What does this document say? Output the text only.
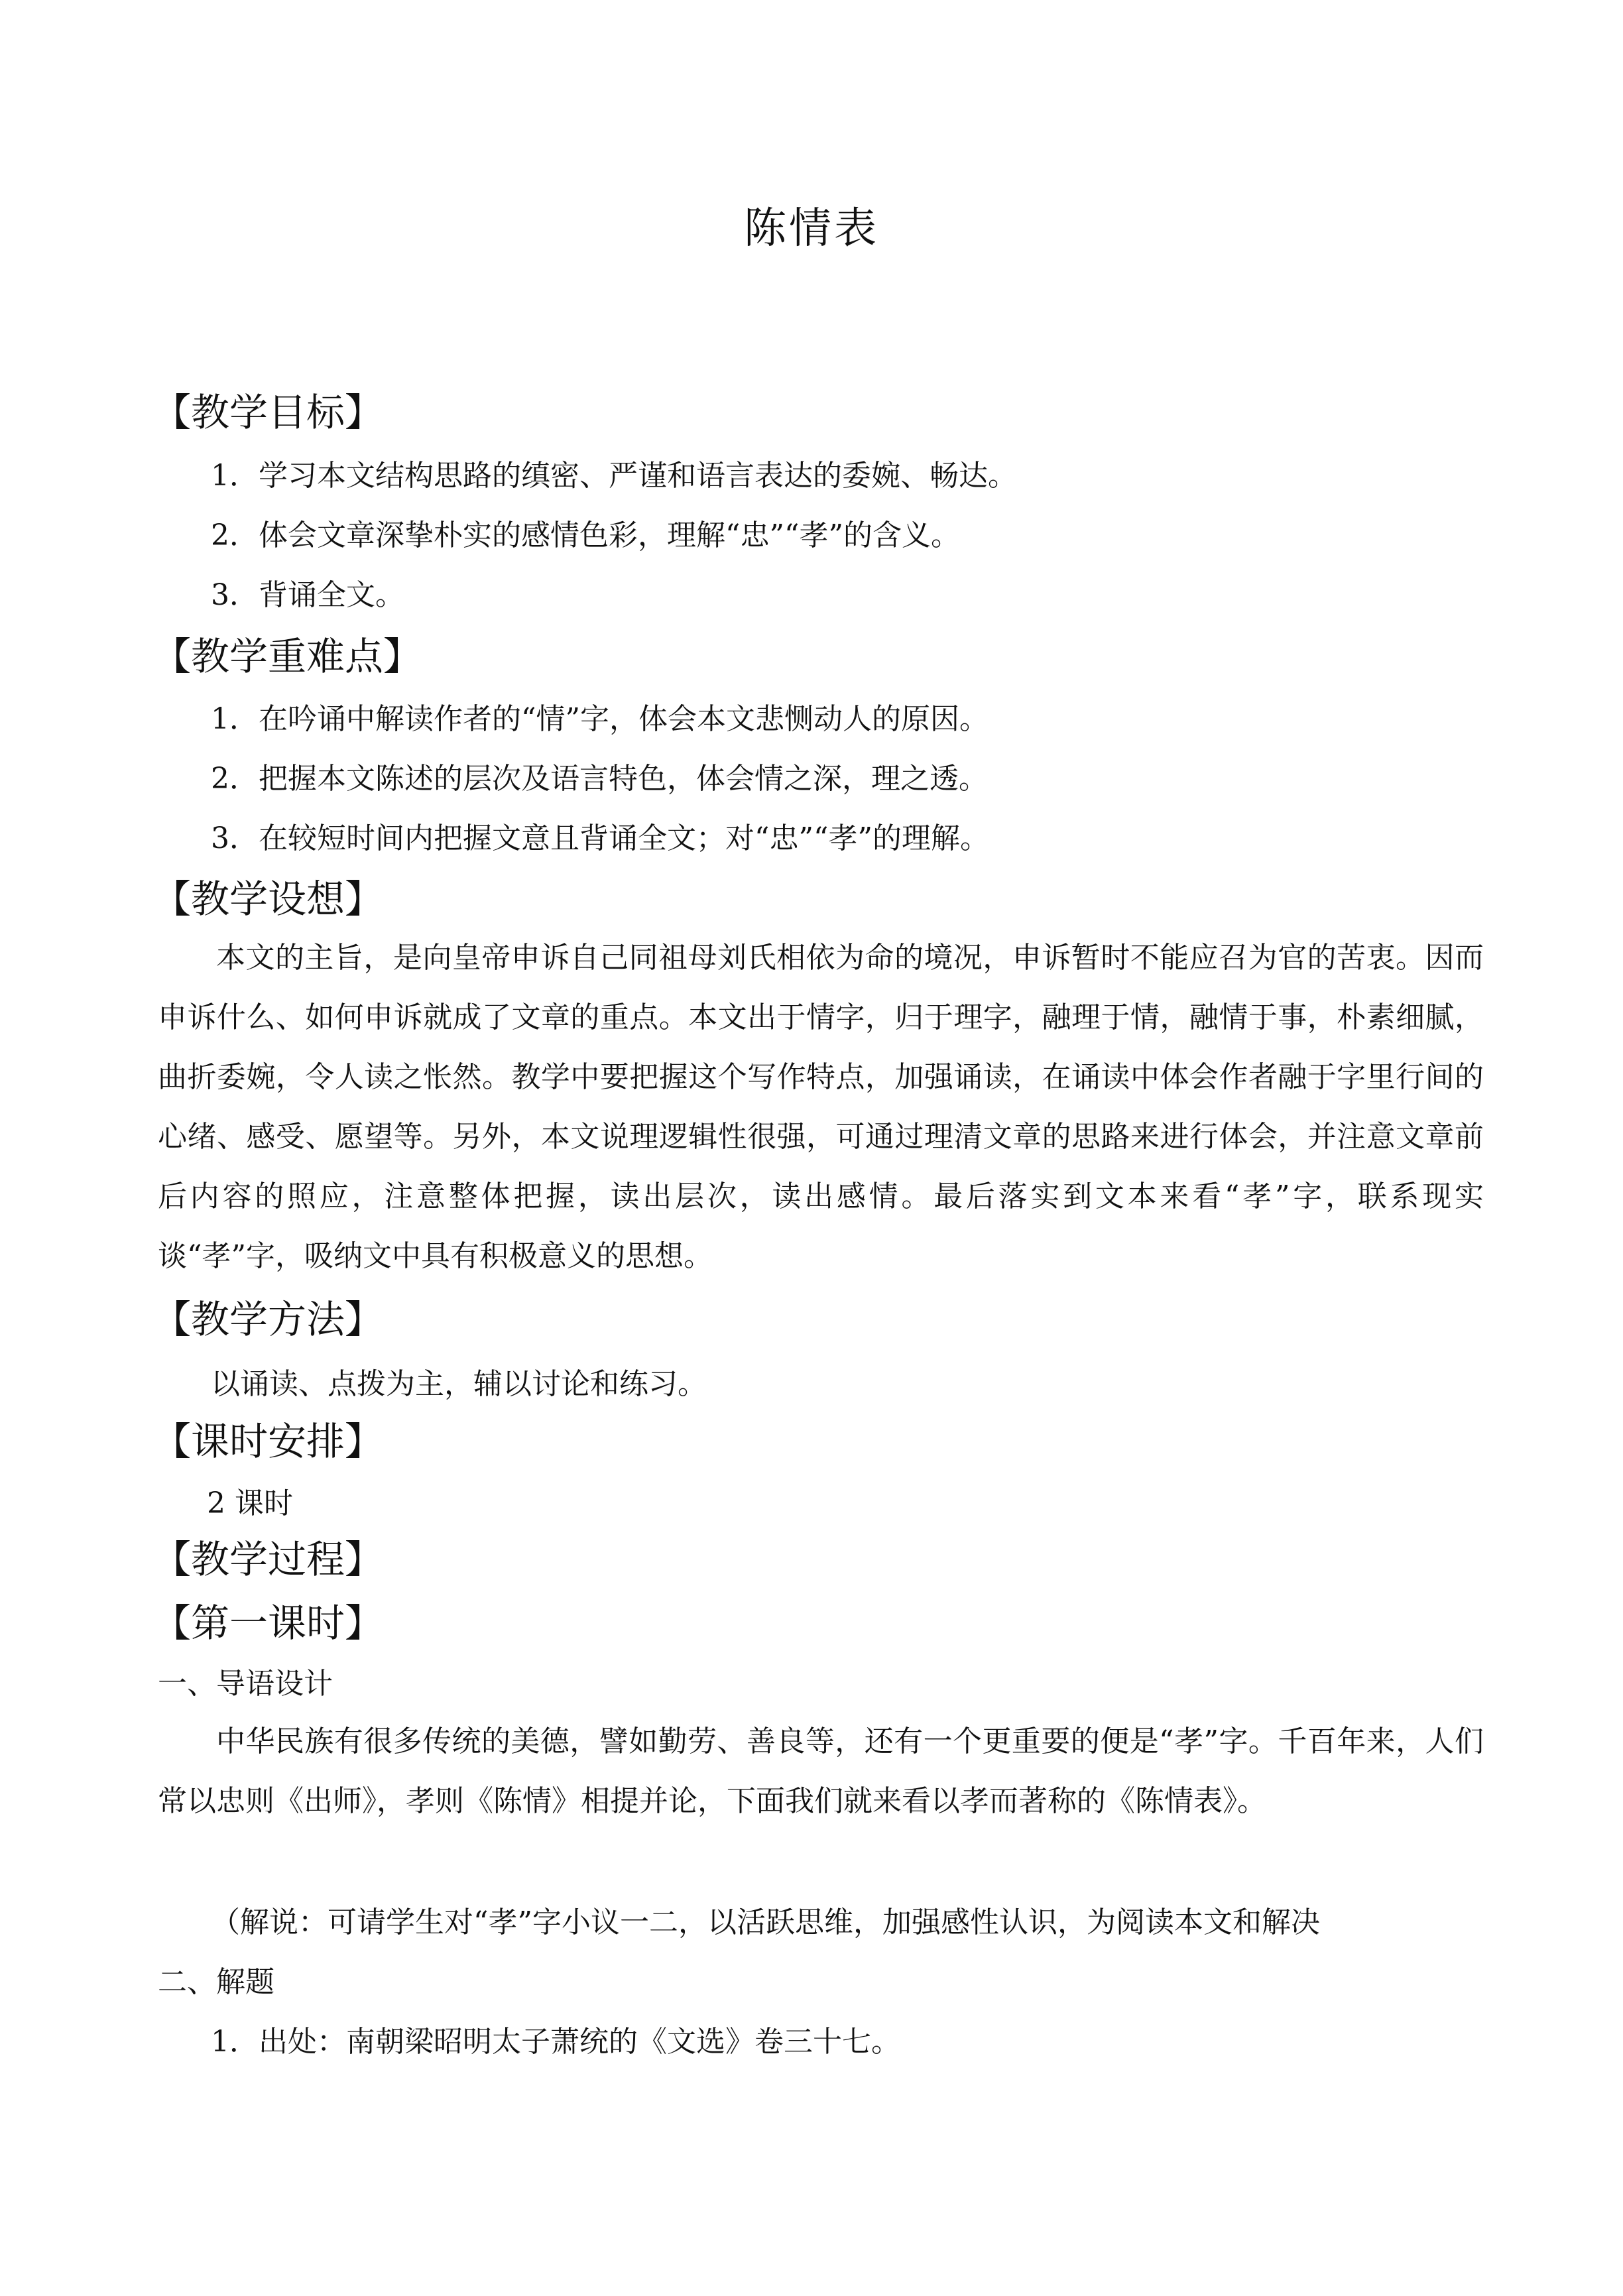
陈情表
【教学目标】
1．学习本文结构思路的缜密、严谨和语言表达的委婉、畅达。
2．体会文章深挚朴实的感情色彩，理解“忠”“孝”的含义。
3．背诵全文。
【教学重难点】
1．在吟诵中解读作者的“情”字，体会本文悲恻动人的原因。
2．把握本文陈述的层次及语言特色，体会情之深，理之透。
3．在较短时间内把握文意且背诵全文；对“忠”“孝”的理解。
【教学设想】
本文的主旨，是向皇帝申诉自己同祖母刘氏相依为命的境况，申诉暂时不能应召为官的苦衷。因而申诉什么、如何申诉就成了文章的重点。本文出于情字，归于理字，融理于情，融情于事，朴素细腻，曲折委婉，令人读之怅然。教学中要把握这个写作特点，加强诵读，在诵读中体会作者融于字里行间的心绪、感受、愿望等。另外，本文说理逻辑性很强，可通过理清文章的思路来进行体会，并注意文章前后内容的照应，注意整体把握，读出层次，读出感情。最后落实到文本来看“孝”字，联系现实谈“孝”字，吸纳文中具有积极意义的思想。
【教学方法】
以诵读、点拨为主，辅以讨论和练习。
【课时安排】
2 课时
【教学过程】
【第一课时】
一、导语设计
中华民族有很多传统的美德，譬如勤劳、善良等，还有一个更重要的便是“孝”字。千百年来，人们常以忠则《出师》，孝则《陈情》相提并论，下面我们就来看以孝而著称的《陈情表》。
（解说：可请学生对“孝”字小议一二，以活跃思维，加强感性认识，为阅读本文和解决
二、解题
1．出处：南朝梁昭明太子萧统的《文选》卷三十七。
